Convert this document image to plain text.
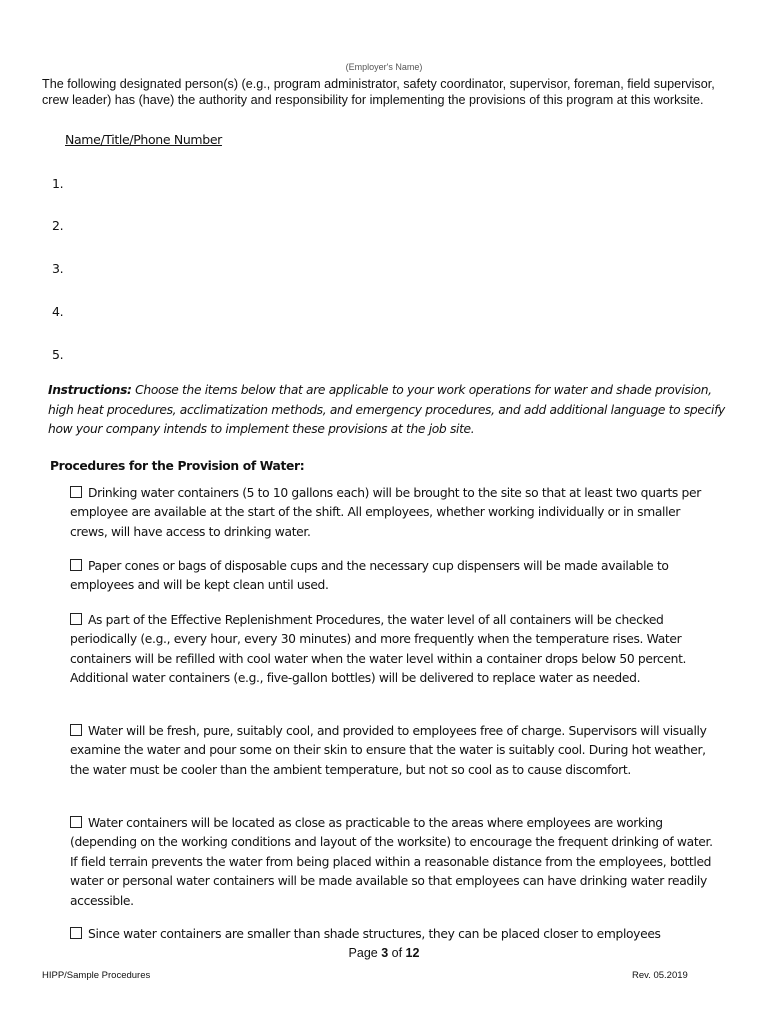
(Employer's Name)
The following designated person(s) (e.g., program administrator, safety coordinator, supervisor, foreman, field supervisor, crew leader) has (have) the authority and responsibility for implementing the provisions of this program at this worksite.
Name/Title/Phone Number
1.
2.
3.
4.
5.
Instructions: Choose the items below that are applicable to your work operations for water and shade provision, high heat procedures, acclimatization methods, and emergency procedures, and add additional language to specify how your company intends to implement these provisions at the job site.
Procedures for the Provision of Water:
Drinking water containers (5 to 10 gallons each) will be brought to the site so that at least two quarts per employee are available at the start of the shift. All employees, whether working individually or in smaller crews, will have access to drinking water.
Paper cones or bags of disposable cups and the necessary cup dispensers will be made available to employees and will be kept clean until used.
As part of the Effective Replenishment Procedures, the water level of all containers will be checked periodically (e.g., every hour, every 30 minutes) and more frequently when the temperature rises. Water containers will be refilled with cool water when the water level within a container drops below 50 percent. Additional water containers (e.g., five-gallon bottles) will be delivered to replace water as needed.
Water will be fresh, pure, suitably cool, and provided to employees free of charge. Supervisors will visually examine the water and pour some on their skin to ensure that the water is suitably cool. During hot weather, the water must be cooler than the ambient temperature, but not so cool as to cause discomfort.
Water containers will be located as close as practicable to the areas where employees are working (depending on the working conditions and layout of the worksite) to encourage the frequent drinking of water. If field terrain prevents the water from being placed within a reasonable distance from the employees, bottled water or personal water containers will be made available so that employees can have drinking water readily accessible.
Since water containers are smaller than shade structures, they can be placed closer to employees
Page 3 of 12
HIPP/Sample Procedures	Rev. 05.2019
